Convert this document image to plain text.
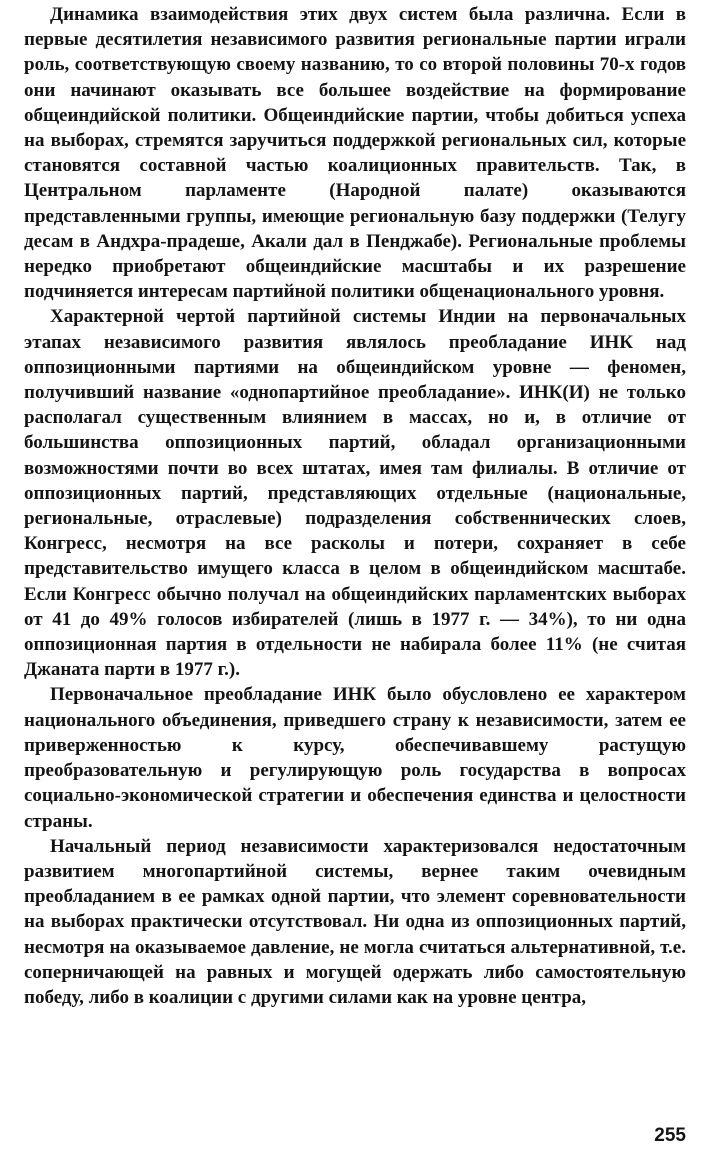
Динамика взаимодействия этих двух систем была различна. Если в первые десятилетия независимого развития региональные партии играли роль, соответствующую своему названию, то со второй половины 70-х годов они начинают оказывать все большее воздействие на формирование общеиндийской политики. Общеиндийские партии, чтобы добиться успеха на выборах, стремятся заручиться поддержкой региональных сил, которые становятся составной частью коалиционных правительств. Так, в Центральном парламенте (Народной палате) оказываются представленными группы, имеющие региональную базу поддержки (Телугу десам в Андхра-прадеше, Акали дал в Пенджабе). Региональные проблемы нередко приобретают общеиндийские масштабы и их разрешение подчиняется интересам партийной политики общенационального уровня.

Характерной чертой партийной системы Индии на первоначальных этапах независимого развития являлось преобладание ИНК над оппозиционными партиями на общеиндийском уровне — феномен, получивший название «однопартийное преобладание». ИНК(И) не только располагал существенным влиянием в массах, но и, в отличие от большинства оппозиционных партий, обладал организационными возможностями почти во всех штатах, имея там филиалы. В отличие от оппозиционных партий, представляющих отдельные (национальные, региональные, отраслевые) подразделения собственнических слоев, Конгресс, несмотря на все расколы и потери, сохраняет в себе представительство имущего класса в целом в общеиндийском масштабе. Если Конгресс обычно получал на общеиндийских парламентских выборах от 41 до 49% голосов избирателей (лишь в 1977 г. — 34%), то ни одна оппозиционная партия в отдельности не набирала более 11% (не считая Джаната парти в 1977 г.).

Первоначальное преобладание ИНК было обусловлено ее характером национального объединения, приведшего страну к независимости, затем ее приверженностью к курсу, обеспечивавшему растущую преобразовательную и регулирующую роль государства в вопросах социально-экономической стратегии и обеспечения единства и целостности страны.

Начальный период независимости характеризовался недостаточным развитием многопартийной системы, вернее таким очевидным преобладанием в ее рамках одной партии, что элемент соревновательности на выборах практически отсутствовал. Ни одна из оппозиционных партий, несмотря на оказываемое давление, не могла считаться альтернативной, т.е. соперничающей на равных и могущей одержать либо самостоятельную победу, либо в коалиции с другими силами как на уровне центра,

255
